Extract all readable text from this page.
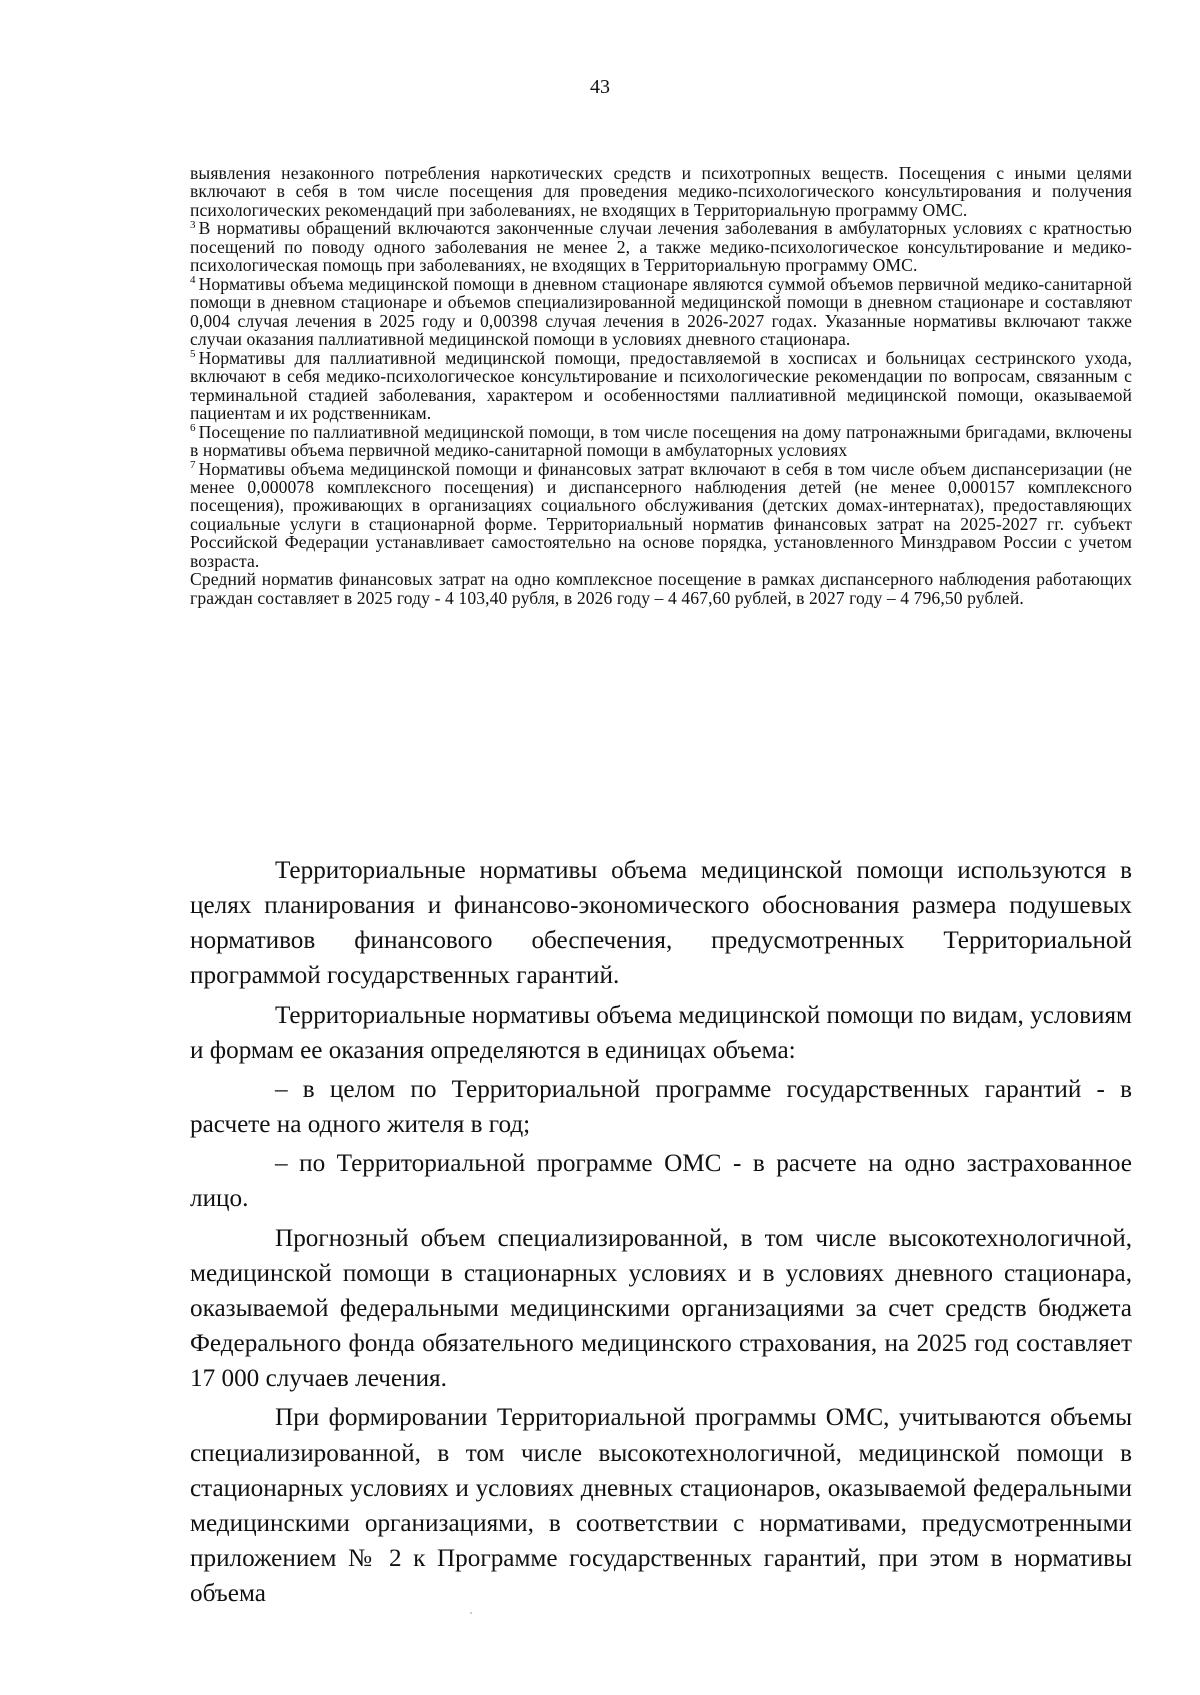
43

выявления незаконного потребления наркотических средств и психотропных веществ. Посещения с иными целями включают в себя в том числе посещения для проведения медико-психологического консультирования и получения психологических рекомендаций при заболеваниях, не входящих в Территориальную программу ОМС.

$^3$ В нормативы обращений включаются законченные случаи лечения заболевания в амбулаторных условиях с кратностью посещений по поводу одного заболевания не менее 2, а также медико-психологическое консультирование и медико-психологическая помощь при заболеваниях, не входящих в Территориальную программу ОМС.

$^4$ Нормативы объема медицинской помощи в дневном стационаре являются суммой объемов первичной медико-санитарной помощи в дневном стационаре и объемов специализированной медицинской помощи в дневном стационаре и составляют 0,004 случая лечения в 2025 году и 0,00398 случая лечения в 2026-2027 годах. Указанные нормативы включают также случаи оказания паллиативной медицинской помощи в условиях дневного стационара.

$^5$ Нормативы для паллиативной медицинской помощи, предоставляемой в хосписах и больницах сестринского ухода, включают в себя медико-психологическое консультирование и психологические рекомендации по вопросам, связанным с терминальной стадией заболевания, характером и особенностями паллиативной медицинской помощи, оказываемой пациентам и их родственникам.

$^6$ Посещение по паллиативной медицинской помощи, в том числе посещения на дому патронажными бригадами, включены в нормативы объема первичной медико-санитарной помощи в амбулаторных условиях

$^7$ Нормативы объема медицинской помощи и финансовых затрат включают в себя в том числе объем диспансеризации (не менее 0,000078 комплексного посещения) и диспансерного наблюдения детей (не менее 0,000157 комплексного посещения), проживающих в организациях социального обслуживания (детских домах-интернатах), предоставляющих социальные услуги в стационарной форме. Территориальный норматив финансовых затрат на 2025-2027 гг. субъект Российской Федерации устанавливает самостоятельно на основе порядка, установленного Минздравом России с учетом возраста.

Средний норматив финансовых затрат на одно комплексное посещение в рамках диспансерного наблюдения работающих граждан составляет в 2025 году - 4 103,40 рубля, в 2026 году – 4 467,60 рублей, в 2027 году – 4 796,50 рублей.

Территориальные нормативы объема медицинской помощи используются в целях планирования и финансово-экономического обоснования размера подушевых нормативов финансового обеспечения, предусмотренных Территориальной программой государственных гарантий.

Территориальные нормативы объема медицинской помощи по видам, условиям и формам ее оказания определяются в единицах объема:

– в целом по Территориальной программе государственных гарантий - в расчете на одного жителя в год;

– по Территориальной программе ОМС - в расчете на одно застрахованное лицо.

Прогнозный объем специализированной, в том числе высокотехнологичной, медицинской помощи в стационарных условиях и в условиях дневного стационара, оказываемой федеральными медицинскими организациями за счет средств бюджета Федерального фонда обязательного медицинского страхования, на 2025 год составляет 17 000 случаев лечения.

При формировании Территориальной программы ОМС, учитываются объемы специализированной, в том числе высокотехнологичной, медицинской помощи в стационарных условиях и условиях дневных стационаров, оказываемой федеральными медицинскими организациями, в соответствии с нормативами, предусмотренными приложением № 2 к Программе государственных гарантий, при этом в нормативы объема
